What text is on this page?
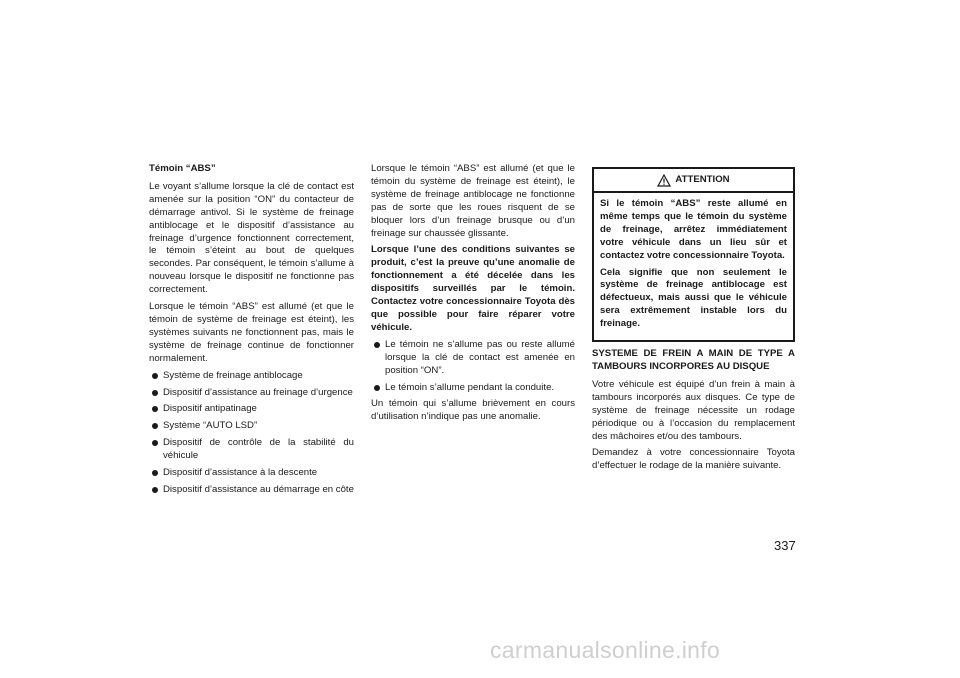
Témoin “ABS”

Le voyant s’allume lorsque la clé de contact est amenée sur la position “ON” du contacteur de démarrage antivol. Si le système de freinage antiblocage et le dispositif d’assistance au freinage d’urgence fonctionnent correctement, le témoin s’éteint au bout de quelques secondes. Par conséquent, le témoin s’allume à nouveau lorsque le dispositif ne fonctionne pas correctement.

Lorsque le témoin “ABS” est allumé (et que le témoin de système de freinage est éteint), les systèmes suivants ne fonctionnent pas, mais le système de freinage continue de fonctionner normalement.

Système de freinage antiblocage
Dispositif d’assistance au freinage d’urgence
Dispositif antipatinage
Système “AUTO LSD”
Dispositif de contrôle de la stabilité du véhicule
Dispositif d’assistance à la descente
Dispositif d’assistance au démarrage en côte

Lorsque le témoin “ABS” est allumé (et que le témoin du système de freinage est éteint), le système de freinage antiblocage ne fonctionne pas de sorte que les roues risquent de se bloquer lors d’un freinage brusque ou d’un freinage sur chaussée glissante.

Lorsque l’une des conditions suivantes se produit, c’est la preuve qu’une anomalie de fonctionnement a été décelée dans les dispositifs surveillés par le témoin. Contactez votre concessionnaire Toyota dès que possible pour faire réparer votre véhicule.

Le témoin ne s’allume pas ou reste allumé lorsque la clé de contact est amenée en position “ON”.
Le témoin s’allume pendant la conduite.

Un témoin qui s’allume brièvement en cours d’utilisation n’indique pas une anomalie.

ATTENTION

Si le témoin “ABS” reste allumé en même temps que le témoin du système de freinage, arrêtez immédiatement votre véhicule dans un lieu sûr et contactez votre concessionnaire Toyota.

Cela signifie que non seulement le système de freinage antiblocage est défectueux, mais aussi que le véhicule sera extrêmement instable lors du freinage.

SYSTEME DE FREIN A MAIN DE TYPE A TAMBOURS INCORPORES AU DISQUE

Votre véhicule est équipé d’un frein à main à tambours incorporés aux disques. Ce type de système de freinage nécessite un rodage périodique ou à l’occasion du remplacement des mâchoires et/ou des tambours.

Demandez à votre concessionnaire Toyota d’effectuer le rodage de la manière suivante.

337
carmanualsonline.info
